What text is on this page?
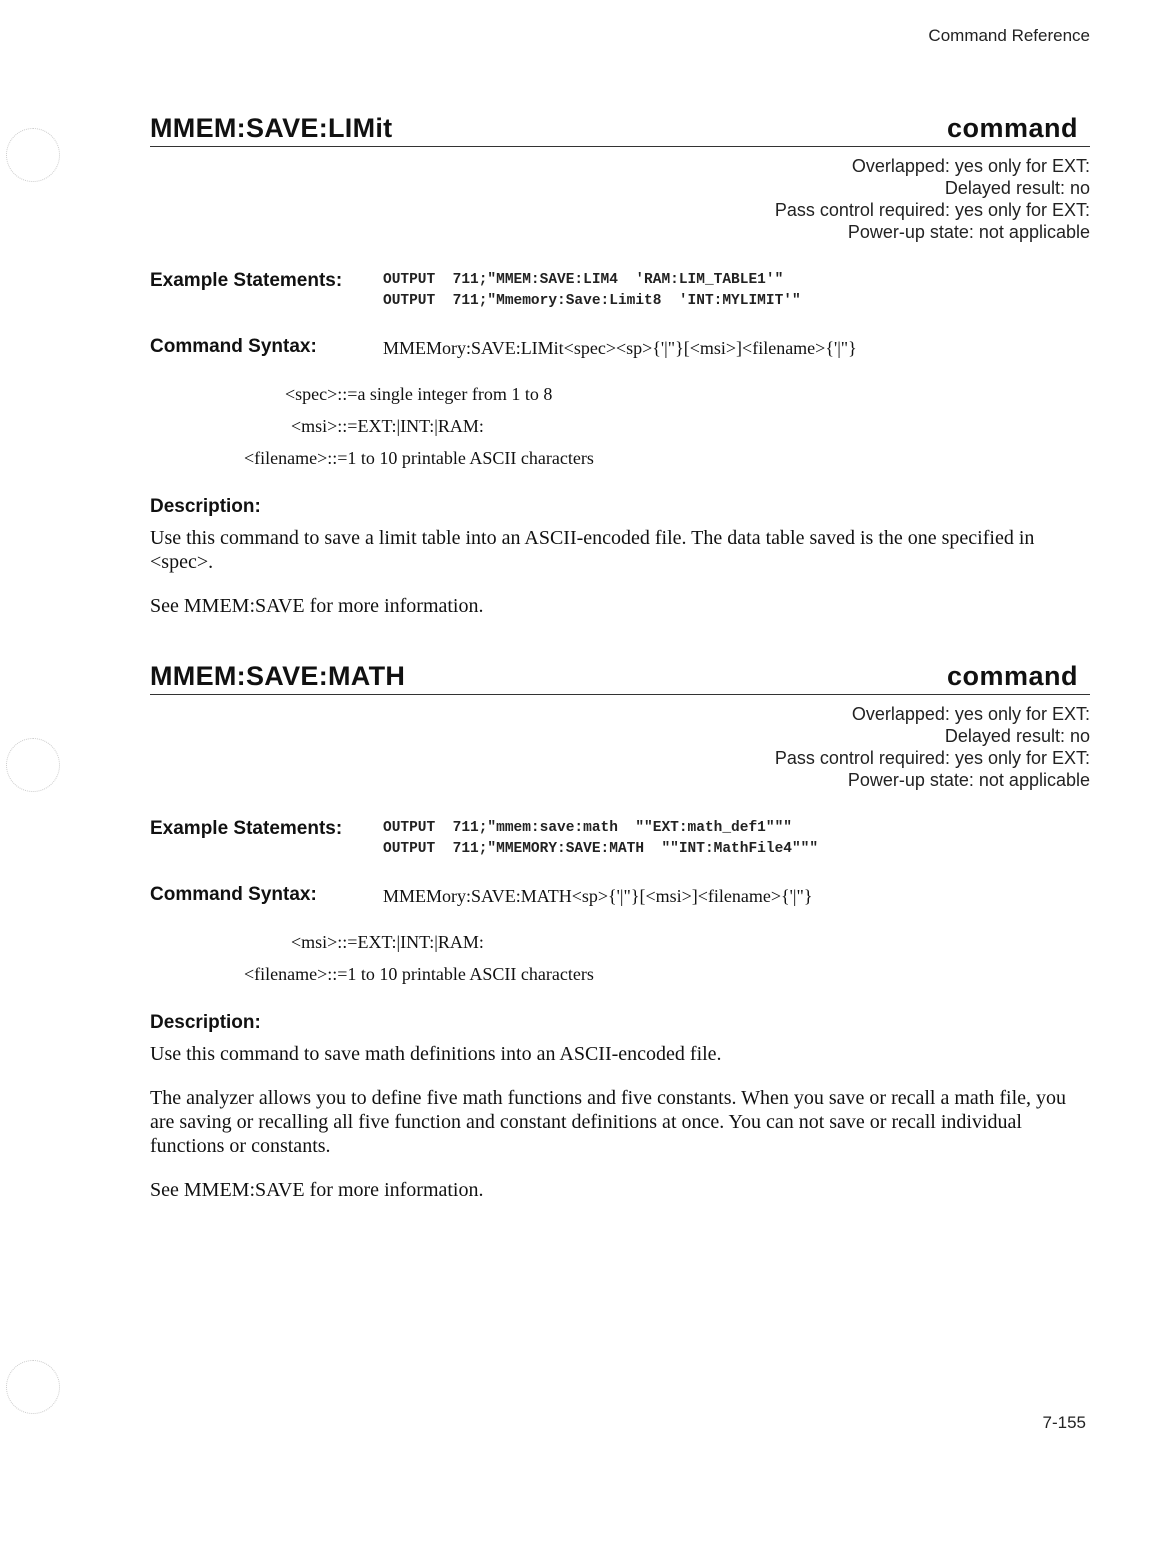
Command Reference
MMEM:SAVE:LIMit	command
Overlapped: yes only for EXT:
Delayed result: no
Pass control required: yes only for EXT:
Power-up state: not applicable
Example Statements:	OUTPUT  711;"MMEM:SAVE:LIM4  'RAM:LIM_TABLE1'"
OUTPUT  711;"Mmemory:Save:Limit8  'INT:MYLIMIT'"
Command Syntax:	MMEMory:SAVE:LIMit<spec><sp>{'|"}[<msi>]<filename>{'|"}
<spec>::=a single integer from 1 to 8
<msi>::=EXT:|INT:|RAM:
<filename>::=1 to 10 printable ASCII characters
Description:

Use this command to save a limit table into an ASCII-encoded file. The data table saved is the one specified in <spec>.

See MMEM:SAVE for more information.

MMEM:SAVE:MATH	command
Overlapped: yes only for EXT:
Delayed result: no
Pass control required: yes only for EXT:
Power-up state: not applicable
Example Statements:	OUTPUT  711;"mmem:save:math  ""EXT:math_def1"""
OUTPUT  711;"MMEMORY:SAVE:MATH  ""INT:MathFile4"""
Command Syntax:	MMEMory:SAVE:MATH<sp>{'|"}[<msi>]<filename>{'|"}
<msi>::=EXT:|INT:|RAM:
<filename>::=1 to 10 printable ASCII characters
Description:

Use this command to save math definitions into an ASCII-encoded file.

The analyzer allows you to define five math functions and five constants. When you save or recall a math file, you are saving or recalling all five function and constant definitions at once. You can not save or recall individual functions or constants.

See MMEM:SAVE for more information.

7-155
